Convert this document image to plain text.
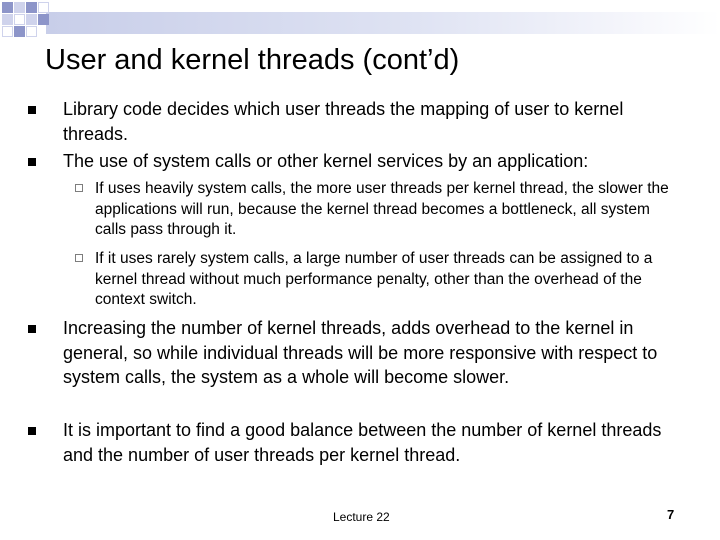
User and kernel threads (cont’d)
Library code decides which user threads the mapping of user to kernel threads.
The use of system calls or other kernel services by an application:
If uses heavily system calls, the more user threads per kernel thread, the slower the applications will run, because the kernel thread becomes a bottleneck, all system calls pass through it.
If it uses rarely system calls, a large number of user threads can be assigned to a kernel thread without much performance penalty, other than the overhead of the context switch.
Increasing the number of kernel threads, adds overhead to the kernel in general, so while individual threads will be more responsive with respect to system calls, the system as a whole will become slower.
It is important to find a good balance between the number of kernel threads and the number of user threads per kernel thread.
Lecture 22	7
